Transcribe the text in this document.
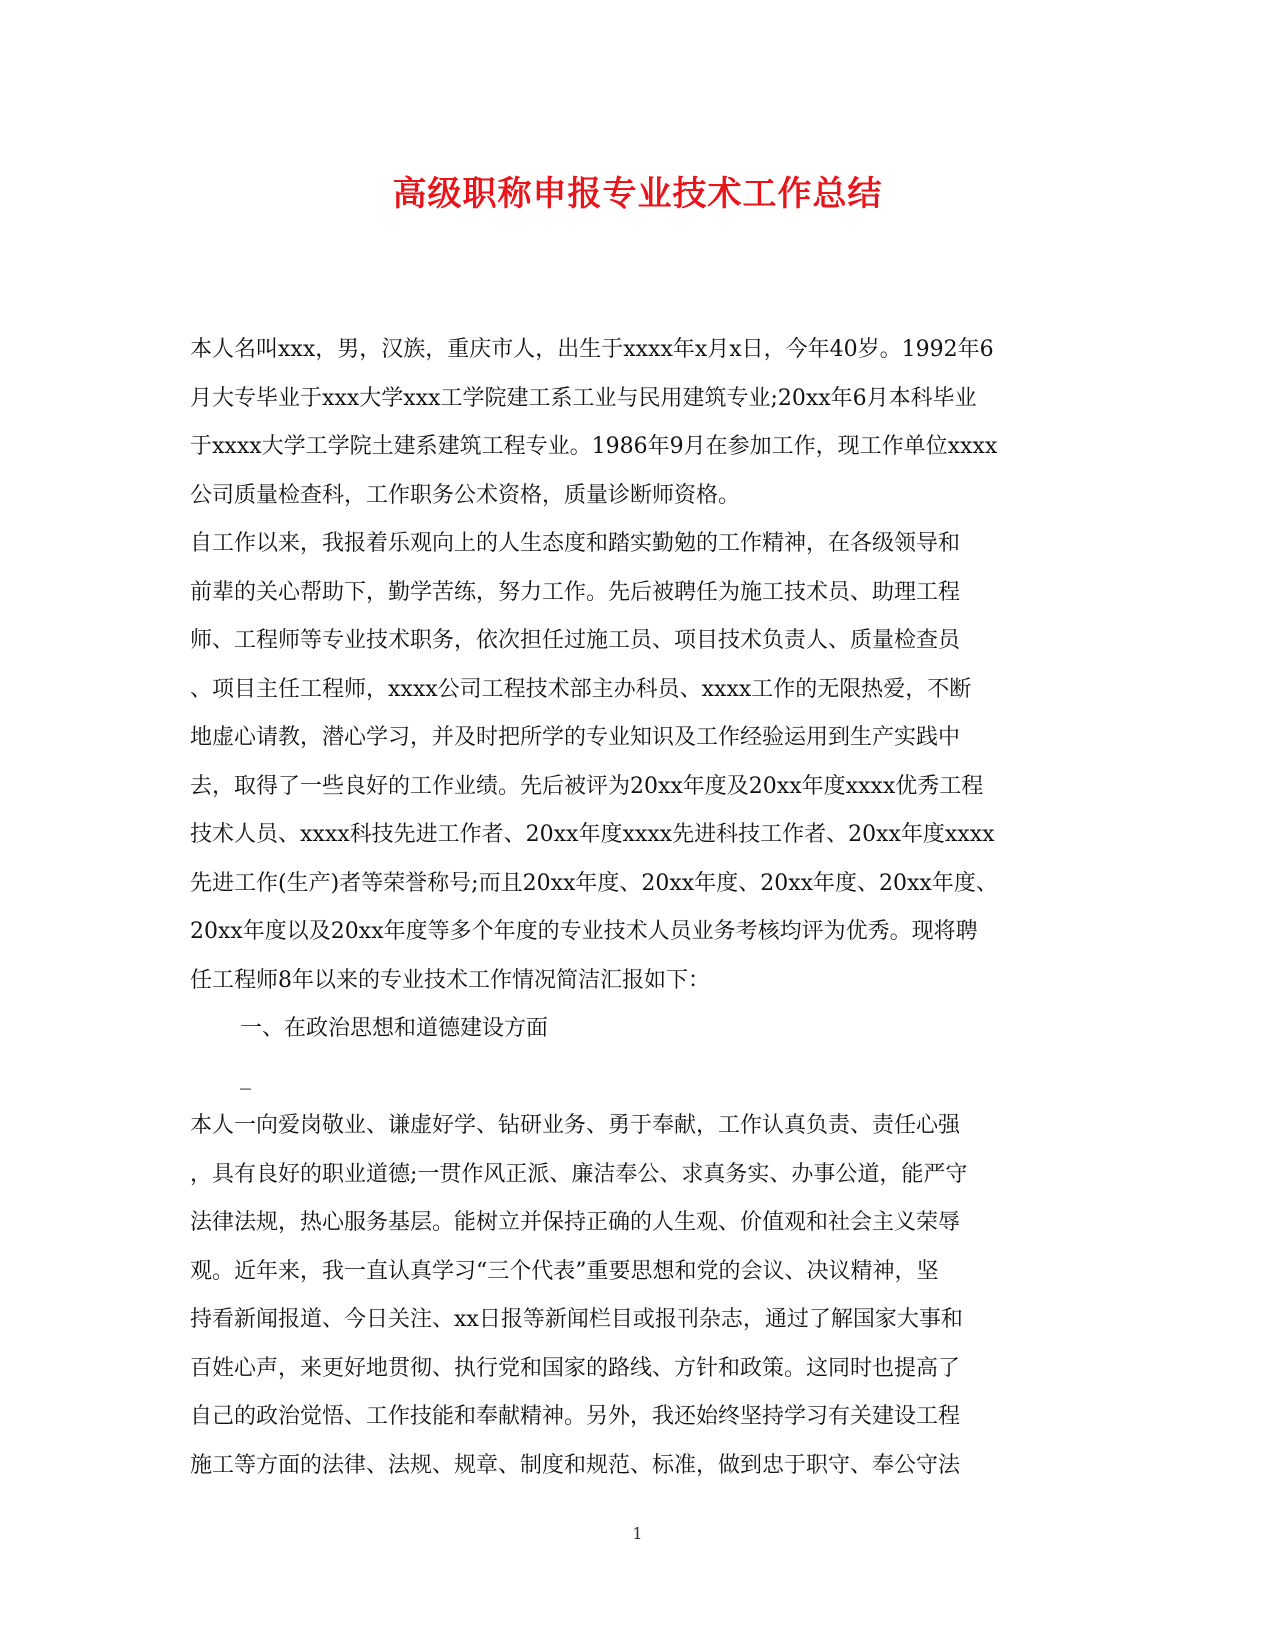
高级职称申报专业技术工作总结
本人名叫xxx，男，汉族，重庆市人，出生于xxxx年x月x日，今年40岁。1992年6
月大专毕业于xxx大学xxx工学院建工系工业与民用建筑专业;20xx年6月本科毕业
于xxxx大学工学院土建系建筑工程专业。1986年9月在参加工作，现工作单位xxxx
公司质量检查科，工作职务公术资格，质量诊断师资格。
自工作以来，我报着乐观向上的人生态度和踏实勤勉的工作精神，在各级领导和
前辈的关心帮助下，勤学苦练，努力工作。先后被聘任为施工技术员、助理工程
师、工程师等专业技术职务，依次担任过施工员、项目技术负责人、质量检查员
、项目主任工程师，xxxx公司工程技术部主办科员、xxxx工作的无限热爱，不断
地虚心请教，潜心学习，并及时把所学的专业知识及工作经验运用到生产实践中
去，取得了一些良好的工作业绩。先后被评为20xx年度及20xx年度xxxx优秀工程
技术人员、xxxx科技先进工作者、20xx年度xxxx先进科技工作者、20xx年度xxxx
先进工作(生产)者等荣誉称号;而且20xx年度、20xx年度、20xx年度、20xx年度、
20xx年度以及20xx年度等多个年度的专业技术人员业务考核均评为优秀。现将聘
任工程师8年以来的专业技术工作情况简洁汇报如下：
一、在政治思想和道德建设方面
_
本人一向爱岗敬业、谦虚好学、钻研业务、勇于奉献，工作认真负责、责任心强
，具有良好的职业道德;一贯作风正派、廉洁奉公、求真务实、办事公道，能严守
法律法规，热心服务基层。能树立并保持正确的人生观、价值观和社会主义荣辱
观。近年来，我一直认真学习“三个代表”重要思想和党的会议、决议精神，坚
持看新闻报道、今日关注、xx日报等新闻栏目或报刊杂志，通过了解国家大事和
百姓心声，来更好地贯彻、执行党和国家的路线、方针和政策。这同时也提高了
自己的政治觉悟、工作技能和奉献精神。另外，我还始终坚持学习有关建设工程
施工等方面的法律、法规、规章、制度和规范、标准，做到忠于职守、奉公守法
1
